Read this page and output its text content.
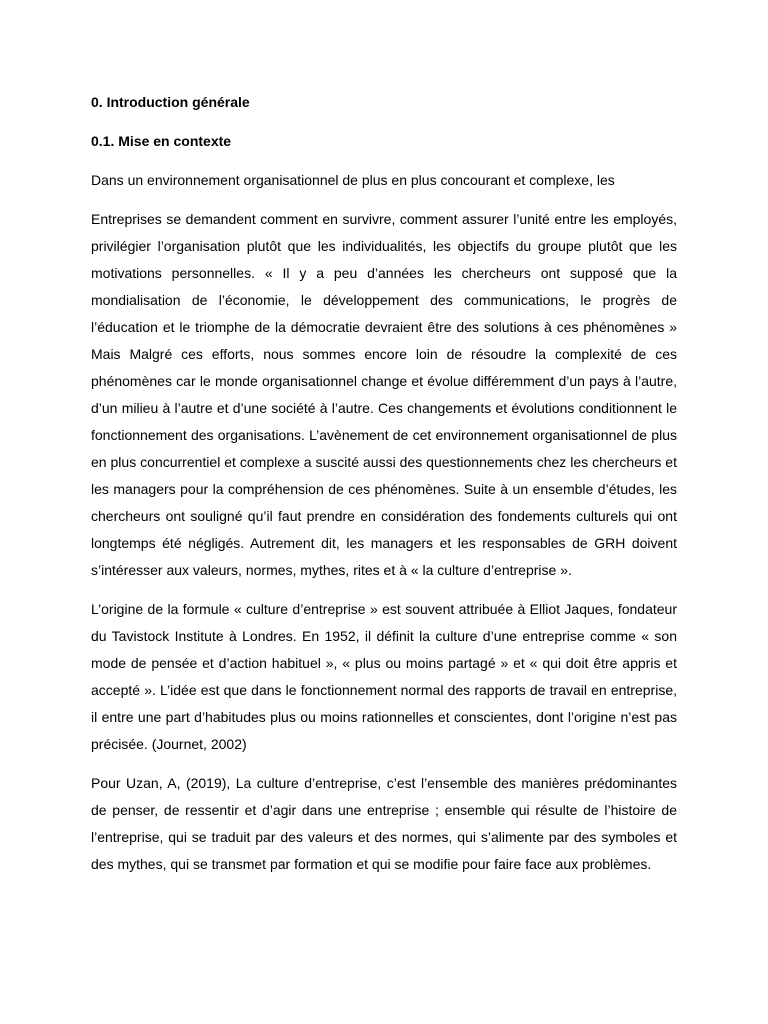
0. Introduction générale

0.1. Mise en contexte

Dans un environnement organisationnel de plus en plus concourant et complexe, les

Entreprises se demandent comment en survivre, comment assurer l’unité entre les employés, privilégier l’organisation plutôt que les individualités, les objectifs du groupe plutôt que les motivations personnelles. « Il y a peu d’années les chercheurs ont supposé que la mondialisation de l’économie, le développement des communications, le progrès de l’éducation et le triomphe de la démocratie devraient être des solutions à ces phénomènes » Mais Malgré ces efforts, nous sommes encore loin de résoudre la complexité de ces phénomènes car le monde organisationnel change et évolue différemment d’un pays à l’autre, d’un milieu à l’autre et d’une société à l’autre. Ces changements et évolutions conditionnent le fonctionnement des organisations. L’avènement de cet environnement organisationnel de plus en plus concurrentiel et complexe a suscité aussi des questionnements chez les chercheurs et les managers pour la compréhension de ces phénomènes. Suite à un ensemble d’études, les chercheurs ont souligné qu’il faut prendre en considération des fondements culturels qui ont longtemps été négligés. Autrement dit, les managers et les responsables de GRH doivent s’intéresser aux valeurs, normes, mythes, rites et à « la culture d’entreprise ».

L’origine de la formule « culture d’entreprise » est souvent attribuée à Elliot Jaques, fondateur du Tavistock Institute à Londres. En 1952, il définit la culture d’une entreprise comme « son mode de pensée et d’action habituel », « plus ou moins partagé » et « qui doit être appris et accepté ». L’idée est que dans le fonctionnement normal des rapports de travail en entreprise, il entre une part d’habitudes plus ou moins rationnelles et conscientes, dont l’origine n’est pas précisée. (Journet, 2002)

Pour Uzan, A, (2019), La culture d’entreprise, c’est l’ensemble des manières prédominantes de penser, de ressentir et d’agir dans une entreprise ; ensemble qui résulte de l’histoire de l’entreprise, qui se traduit par des valeurs et des normes, qui s’alimente par des symboles et des mythes, qui se transmet par formation et qui se modifie pour faire face aux problèmes.
